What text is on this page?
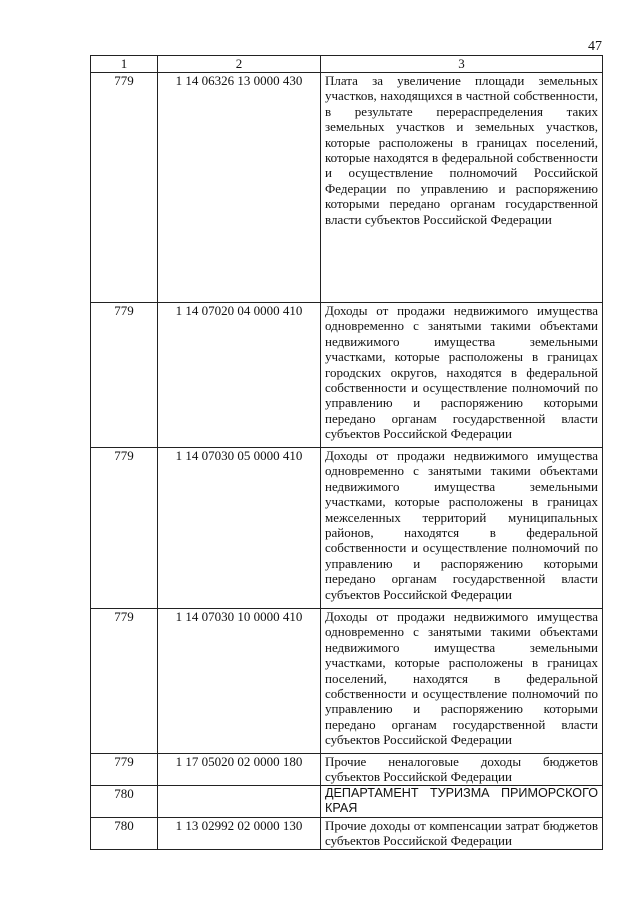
47
1	2	3
779	1 14 06326 13 0000 430	Плата за увеличение площади земельных участков, находящихся в частной собственности, в результате перераспределения таких земельных участков и земельных участков, которые расположены в границах поселений, которые находятся в федеральной собственности и осуществление полномочий Российской Федерации по управлению и распоряжению которыми передано органам государственной власти субъектов Российской Федерации
779	1 14 07020 04 0000 410	Доходы от продажи недвижимого имущества одновременно с занятыми такими объектами недвижимого имущества земельными участками, которые расположены в границах городских округов, находятся в федеральной собственности и осуществление полномочий по управлению и распоряжению которыми передано органам государственной власти субъектов Российской Федерации
779	1 14 07030 05 0000 410	Доходы от продажи недвижимого имущества одновременно с занятыми такими объектами недвижимого имущества земельными участками, которые расположены в границах межселенных территорий муниципальных районов, находятся в федеральной собственности и осуществление полномочий по управлению и распоряжению которыми передано органам государственной власти субъектов Российской Федерации
779	1 14 07030 10 0000 410	Доходы от продажи недвижимого имущества одновременно с занятыми такими объектами недвижимого имущества земельными участками, которые расположены в границах поселений, находятся в федеральной собственности и осуществление полномочий по управлению и распоряжению которыми передано органам государственной власти субъектов Российской Федерации
779	1 17 05020 02 0000 180	Прочие неналоговые доходы бюджетов субъектов Российской Федерации
780		ДЕПАРТАМЕНТ ТУРИЗМА ПРИМОРСКОГО КРАЯ
780	1 13 02992 02 0000 130	Прочие доходы от компенсации затрат бюджетов субъектов Российской Федерации
